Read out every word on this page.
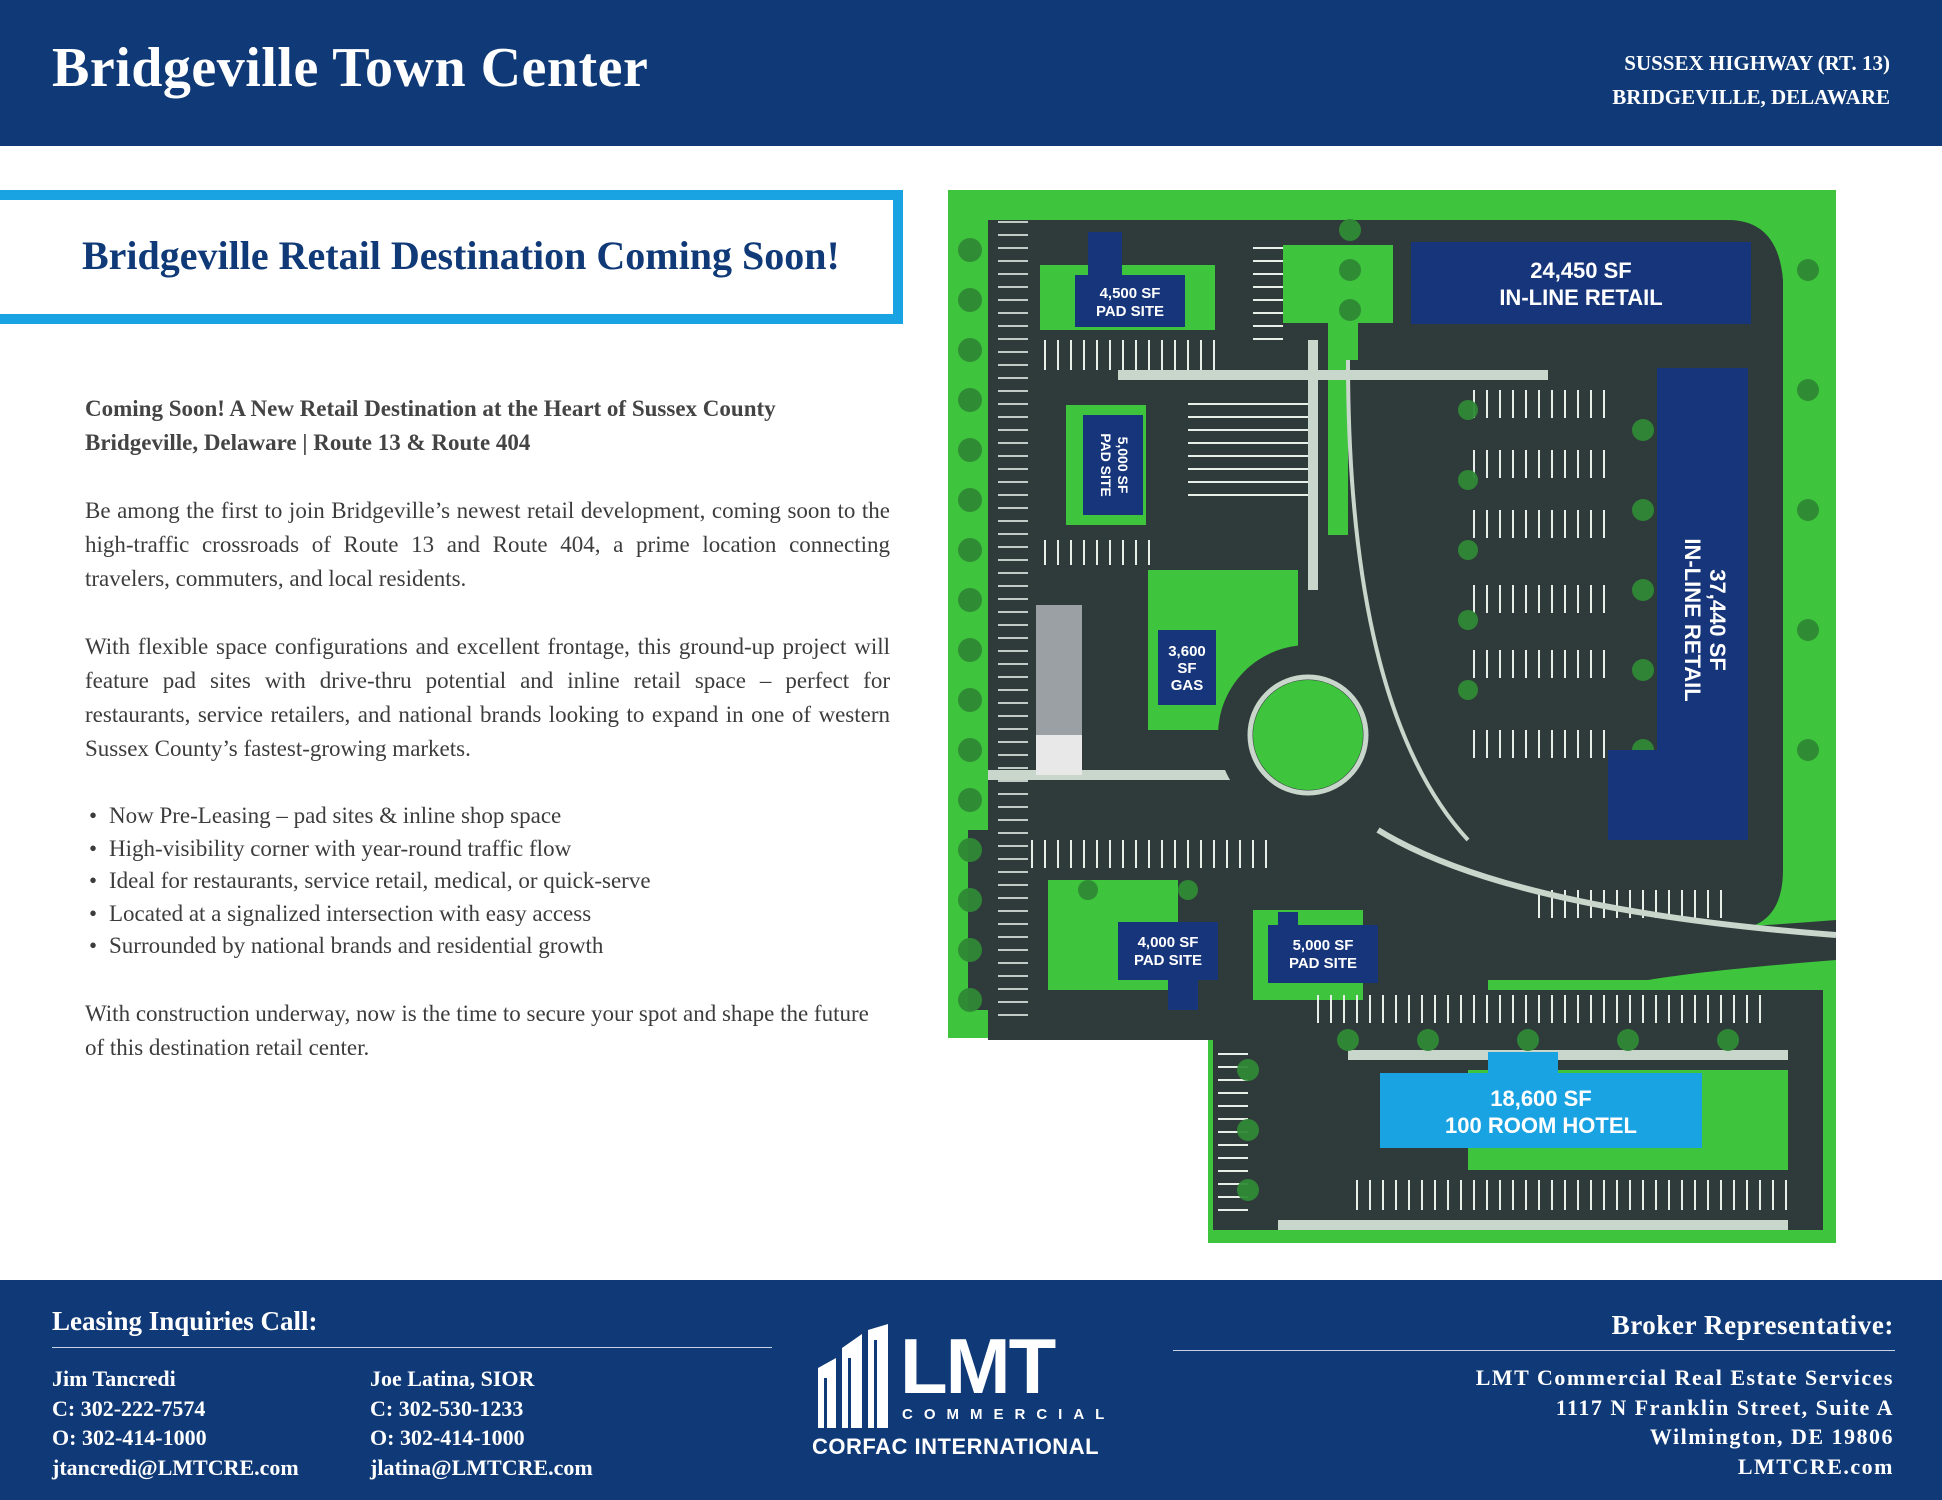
Bridgeville Town Center	SUSSEX HIGHWAY (RT. 13)
BRIDGEVILLE, DELAWARE
Bridgeville Retail Destination Coming Soon!

Coming Soon! A New Retail Destination at the Heart of Sussex County
Bridgeville, Delaware | Route 13 & Route 404

Be among the first to join Bridgeville’s newest retail development, coming soon to the high-traffic crossroads of Route 13 and Route 404, a prime location connecting travelers, commuters, and local residents.

With flexible space configurations and excellent frontage, this ground-up project will feature pad sites with drive-thru potential and inline retail space – perfect for restaurants, service retailers, and national brands looking to expand in one of western Sussex County’s fastest-growing markets.

• Now Pre-Leasing – pad sites & inline shop space
• High-visibility corner with year-round traffic flow
• Ideal for restaurants, service retail, medical, or quick-serve
• Located at a signalized intersection with easy access
• Surrounded by national brands and residential growth

With construction underway, now is the time to secure your spot and shape the future of this destination retail center.

4,500 SF
PAD SITE
24,450 SF
IN-LINE RETAIL
5,000 SF
PAD SITE
37,440 SF
IN-LINE RETAIL
3,600
SF
GAS
4,000 SF
PAD SITE
5,000 SF
PAD SITE
18,600 SF
100 ROOM HOTEL
Leasing Inquiries Call:
Jim Tancredi
C: 302-222-7574
O: 302-414-1000
jtancredi@LMTCRE.com
Joe Latina, SIOR
C: 302-530-1233
O: 302-414-1000
jlatina@LMTCRE.com
LMT
COMMERCIAL
CORFAC INTERNATIONAL
Broker Representative:
LMT Commercial Real Estate Services
1117 N Franklin Street, Suite A
Wilmington, DE 19806
LMTCRE.com
